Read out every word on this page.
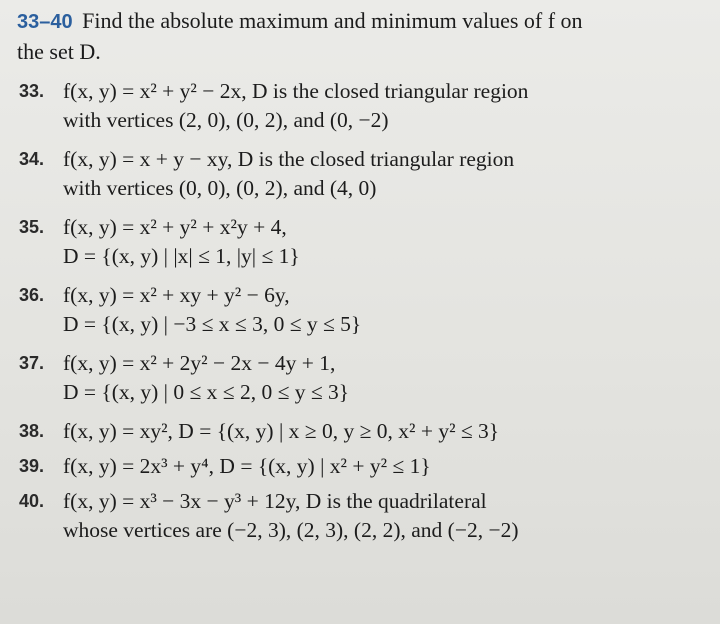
33–40 Find the absolute maximum and minimum values of f on
the set D.
33. f(x, y) = x² + y² − 2x, D is the closed triangular region
with vertices (2, 0), (0, 2), and (0, −2)
34. f(x, y) = x + y − xy, D is the closed triangular region
with vertices (0, 0), (0, 2), and (4, 0)
35. f(x, y) = x² + y² + x²y + 4,
D = {(x, y) | |x| ≤ 1, |y| ≤ 1}
36. f(x, y) = x² + xy + y² − 6y,
D = {(x, y) | −3 ≤ x ≤ 3, 0 ≤ y ≤ 5}
37. f(x, y) = x² + 2y² − 2x − 4y + 1,
D = {(x, y) | 0 ≤ x ≤ 2, 0 ≤ y ≤ 3}
38. f(x, y) = xy², D = {(x, y) | x ≥ 0, y ≥ 0, x² + y² ≤ 3}
39. f(x, y) = 2x³ + y⁴, D = {(x, y) | x² + y² ≤ 1}
40. f(x, y) = x³ − 3x − y³ + 12y, D is the quadrilateral
whose vertices are (−2, 3), (2, 3), (2, 2), and (−2, −2)
